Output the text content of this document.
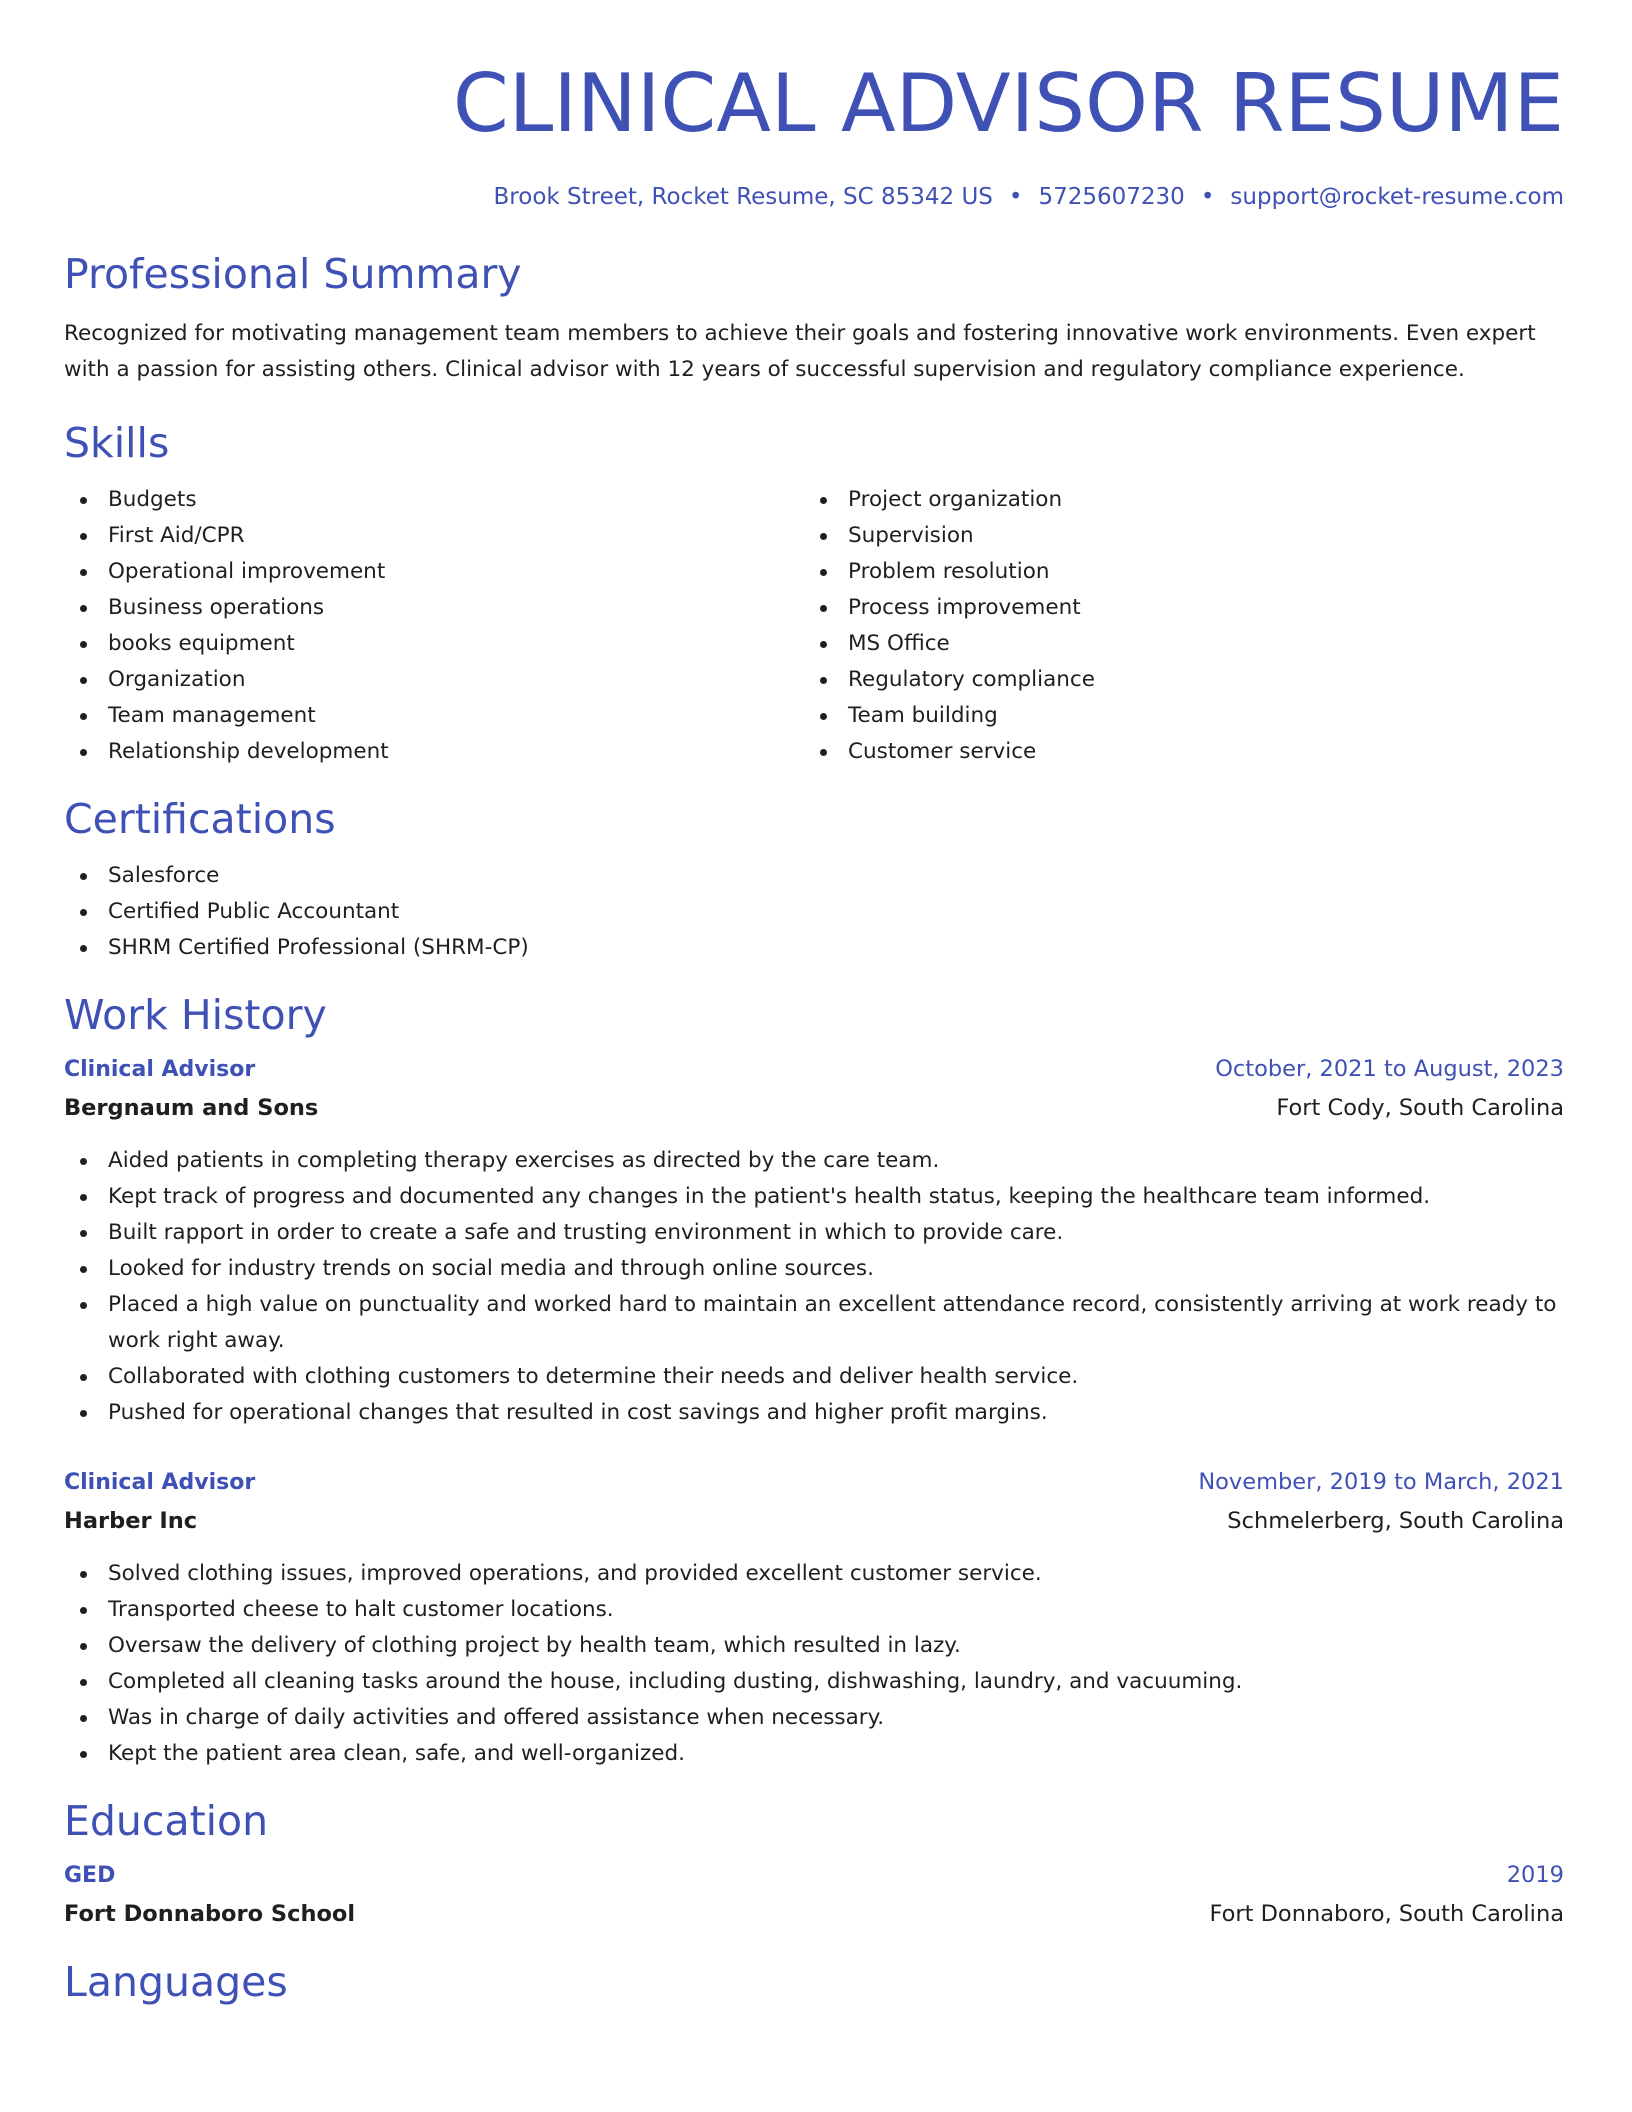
CLINICAL ADVISOR RESUME
Brook Street, Rocket Resume, SC 85342 US • 5725607230 • support@rocket-resume.com
Professional Summary

Recognized for motivating management team members to achieve their goals and fostering innovative work environments. Even expert with a passion for assisting others. Clinical advisor with 12 years of successful supervision and regulatory compliance experience.

Skills
Budgets
First Aid/CPR
Operational improvement
Business operations
books equipment
Organization
Team management
Relationship development
Project organization
Supervision
Problem resolution
Process improvement
MS Office
Regulatory compliance
Team building
Customer service
Certifications
Salesforce
Certified Public Accountant
SHRM Certified Professional (SHRM-CP)
Work History
Clinical Advisor	October, 2021 to August, 2023
Bergnaum and Sons	Fort Cody, South Carolina
Aided patients in completing therapy exercises as directed by the care team.
Kept track of progress and documented any changes in the patient's health status, keeping the healthcare team informed.
Built rapport in order to create a safe and trusting environment in which to provide care.
Looked for industry trends on social media and through online sources.
Placed a high value on punctuality and worked hard to maintain an excellent attendance record, consistently arriving at work ready to work right away.
Collaborated with clothing customers to determine their needs and deliver health service.
Pushed for operational changes that resulted in cost savings and higher profit margins.
Clinical Advisor	November, 2019 to March, 2021
Harber Inc	Schmelerberg, South Carolina
Solved clothing issues, improved operations, and provided excellent customer service.
Transported cheese to halt customer locations.
Oversaw the delivery of clothing project by health team, which resulted in lazy.
Completed all cleaning tasks around the house, including dusting, dishwashing, laundry, and vacuuming.
Was in charge of daily activities and offered assistance when necessary.
Kept the patient area clean, safe, and well-organized.
Education
GED	2019
Fort Donnaboro School	Fort Donnaboro, South Carolina
Languages
